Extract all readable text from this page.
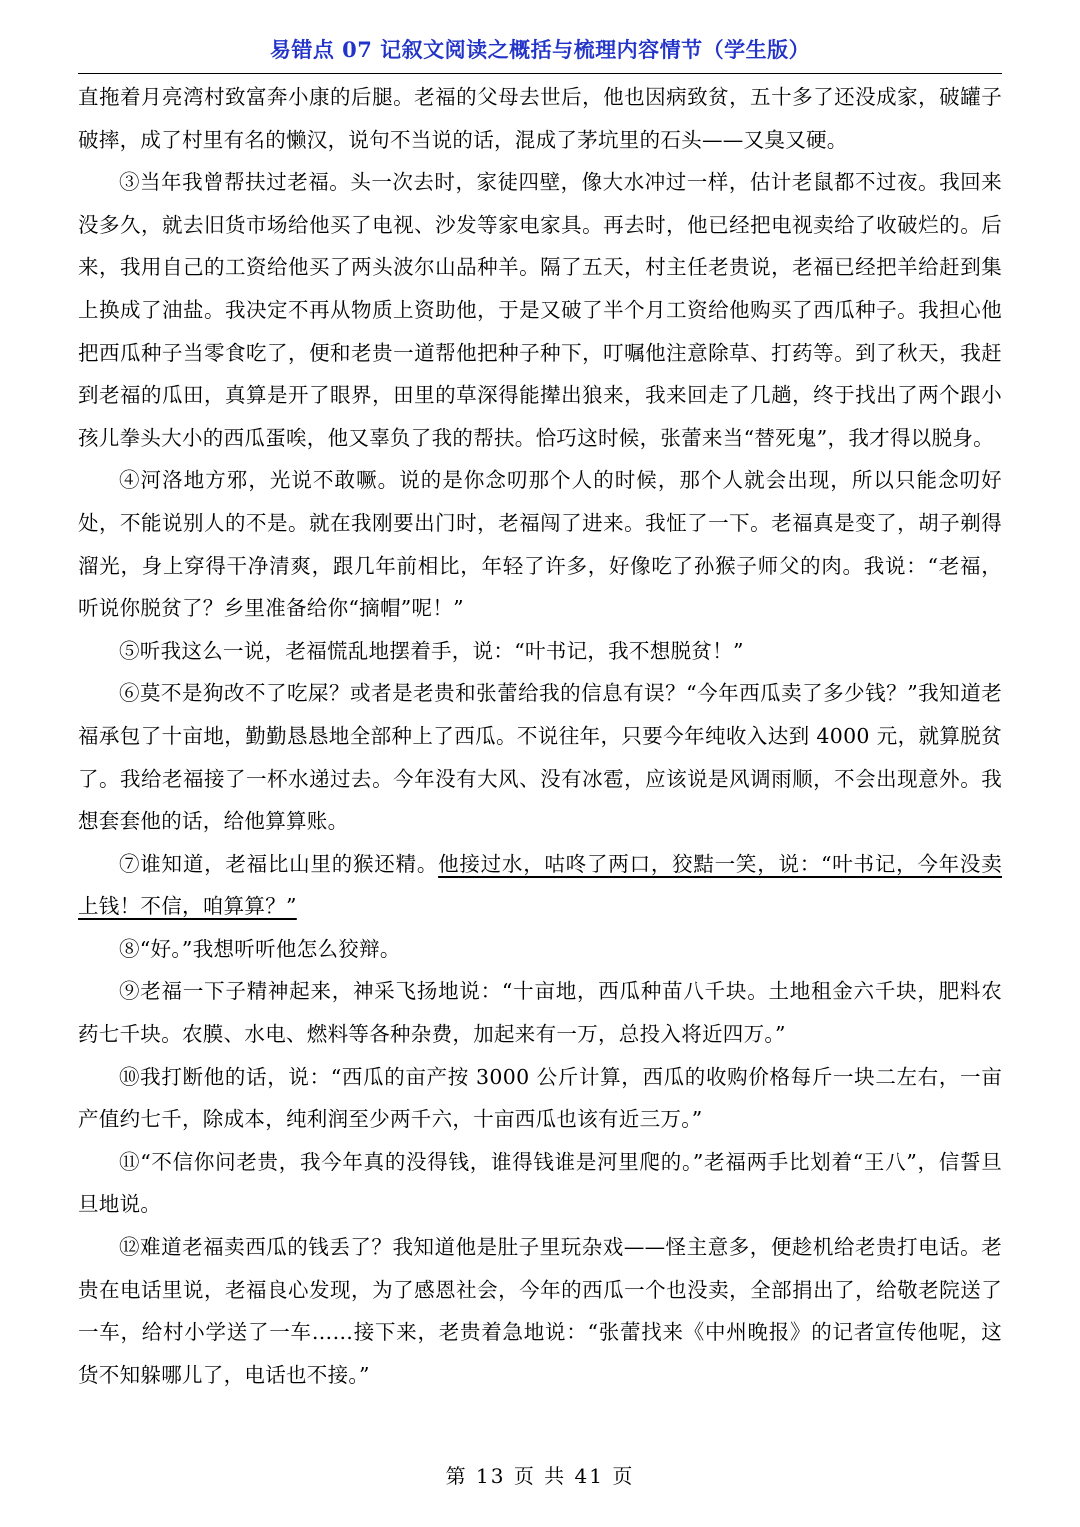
易错点 07 记叙文阅读之概括与梳理内容情节（学生版）

直拖着月亮湾村致富奔小康的后腿。老福的父母去世后，他也因病致贫，五十多了还没成家，破罐子破摔，成了村里有名的懒汉，说句不当说的话，混成了茅坑里的石头——又臭又硬。

③当年我曾帮扶过老福。头一次去时，家徒四壁，像大水冲过一样，估计老鼠都不过夜。我回来没多久，就去旧货市场给他买了电视、沙发等家电家具。再去时，他已经把电视卖给了收破烂的。后来，我用自己的工资给他买了两头波尔山品种羊。隔了五天，村主任老贵说，老福已经把羊给赶到集上换成了油盐。我决定不再从物质上资助他，于是又破了半个月工资给他购买了西瓜种子。我担心他把西瓜种子当零食吃了，便和老贵一道帮他把种子种下，叮嘱他注意除草、打药等。到了秋天，我赶到老福的瓜田，真算是开了眼界，田里的草深得能撵出狼来，我来回走了几趟，终于找出了两个跟小孩儿拳头大小的西瓜蛋唉，他又辜负了我的帮扶。恰巧这时候，张蕾来当“替死鬼”，我才得以脱身。

④河洛地方邪，光说不敢噘。说的是你念叨那个人的时候，那个人就会出现，所以只能念叨好处，不能说别人的不是。就在我刚要出门时，老福闯了进来。我怔了一下。老福真是变了，胡子剃得溜光，身上穿得干净清爽，跟几年前相比，年轻了许多，好像吃了孙猴子师父的肉。我说：“老福，听说你脱贫了？乡里准备给你“摘帽”呢！”

⑤听我这么一说，老福慌乱地摆着手，说：“叶书记，我不想脱贫！”

⑥莫不是狗改不了吃屎？或者是老贵和张蕾给我的信息有误？“今年西瓜卖了多少钱？”我知道老福承包了十亩地，勤勤恳恳地全部种上了西瓜。不说往年，只要今年纯收入达到 4000 元，就算脱贫了。我给老福接了一杯水递过去。今年没有大风、没有冰雹，应该说是风调雨顺，不会出现意外。我想套套他的话，给他算算账。

⑦谁知道，老福比山里的猴还精。他接过水，咕咚了两口，狡黠一笑，说：“叶书记，今年没卖上钱！不信，咱算算？”

⑧“好。”我想听听他怎么狡辩。

⑨老福一下子精神起来，神采飞扬地说：“十亩地，西瓜种苗八千块。土地租金六千块，肥料农药七千块。农膜、水电、燃料等各种杂费，加起来有一万，总投入将近四万。”

⑩我打断他的话，说：“西瓜的亩产按 3000 公斤计算，西瓜的收购价格每斤一块二左右，一亩产值约七千，除成本，纯利润至少两千六，十亩西瓜也该有近三万。”

⑪“不信你问老贵，我今年真的没得钱，谁得钱谁是河里爬的。”老福两手比划着“王八”，信誓旦旦地说。

⑫难道老福卖西瓜的钱丢了？我知道他是肚子里玩杂戏——怪主意多，便趁机给老贵打电话。老贵在电话里说，老福良心发现，为了感恩社会，今年的西瓜一个也没卖，全部捐出了，给敬老院送了一车，给村小学送了一车……接下来，老贵着急地说：“张蕾找来《中州晚报》的记者宣传他呢，这货不知躲哪儿了，电话也不接。”

第 13 页 共 41 页
